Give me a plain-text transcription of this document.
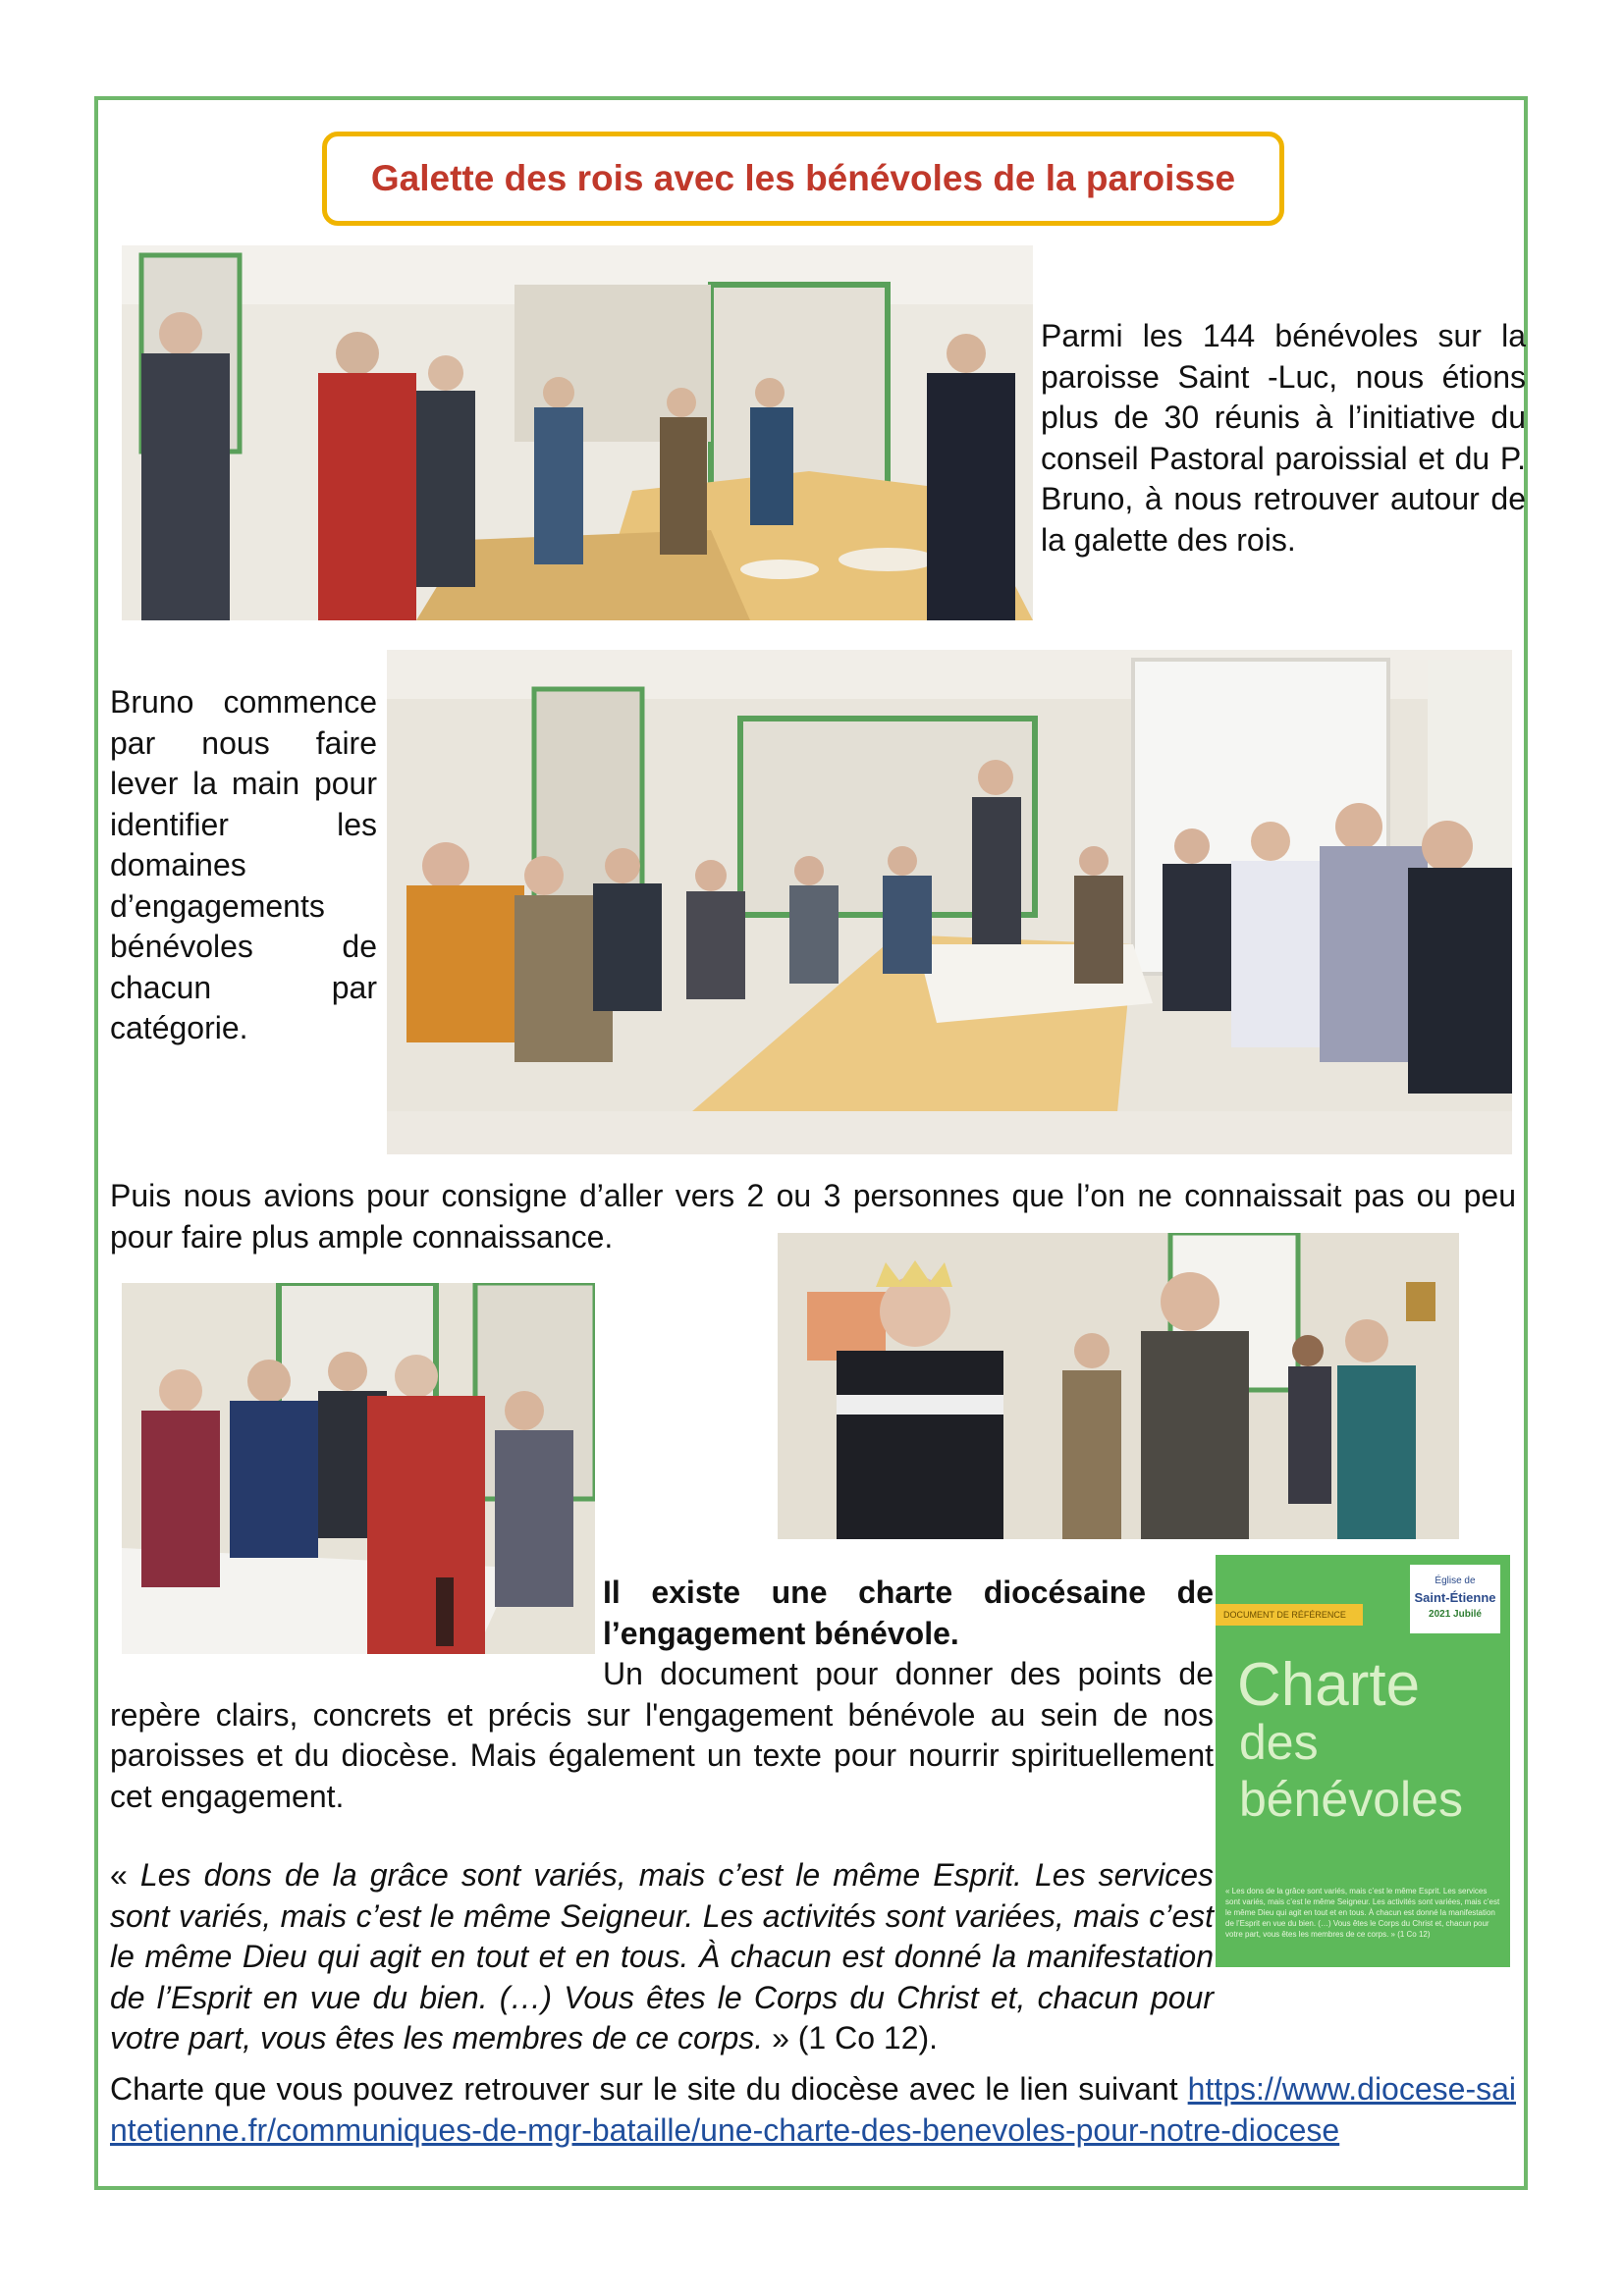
Galette des rois avec les bénévoles de la paroisse

Parmi les 144 bénévoles sur la paroisse Saint -Luc, nous étions plus de 30 réunis à l’initiative du conseil Pastoral paroissial et du P. Bruno, à nous retrouver autour de la galette des rois.

Bruno commence par nous faire lever la main pour identifier les domaines d’engagements bénévoles de chacun par catégorie.

Puis nous avions pour consigne d’aller vers 2 ou 3 personnes que l’on ne connaissait pas ou peu pour faire plus ample connaissance.

Il existe une charte diocésaine de l’engagement bénévole.

Un document pour donner des points de repère clairs, concrets et précis sur l'engagement bénévole au sein de nos paroisses et du diocèse. Mais également un texte pour nourrir spirituellement cet engagement.

« Les dons de la grâce sont variés, mais c’est le même Esprit. Les services sont variés, mais c’est le même Seigneur. Les activités sont variées, mais c’est le même Dieu qui agit en tout et en tous. À chacun est donné la manifestation de l’Esprit en vue du bien. (…) Vous êtes le Corps du Christ et, chacun pour votre part, vous êtes les membres de ce corps. » (1 Co 12).

Charte que vous pouvez retrouver sur le site du diocèse avec le lien suivant https://www.diocese-saintetienne.fr/communiques-de-mgr-bataille/une-charte-des-benevoles-pour-notre-diocese

DOCUMENT DE RÉFÉRENCE
Église de
Saint-Étienne
2021 Jubilé
Charte
des
bénévoles
« Les dons de la grâce sont variés, mais c’est le même Esprit. Les services sont variés, mais c’est le même Seigneur. Les activités sont variées, mais c’est le même Dieu qui agit en tout et en tous. À chacun est donné la manifestation de l’Esprit en vue du bien. (…) Vous êtes le Corps du Christ et, chacun pour votre part, vous êtes les membres de ce corps. » (1 Co 12)
